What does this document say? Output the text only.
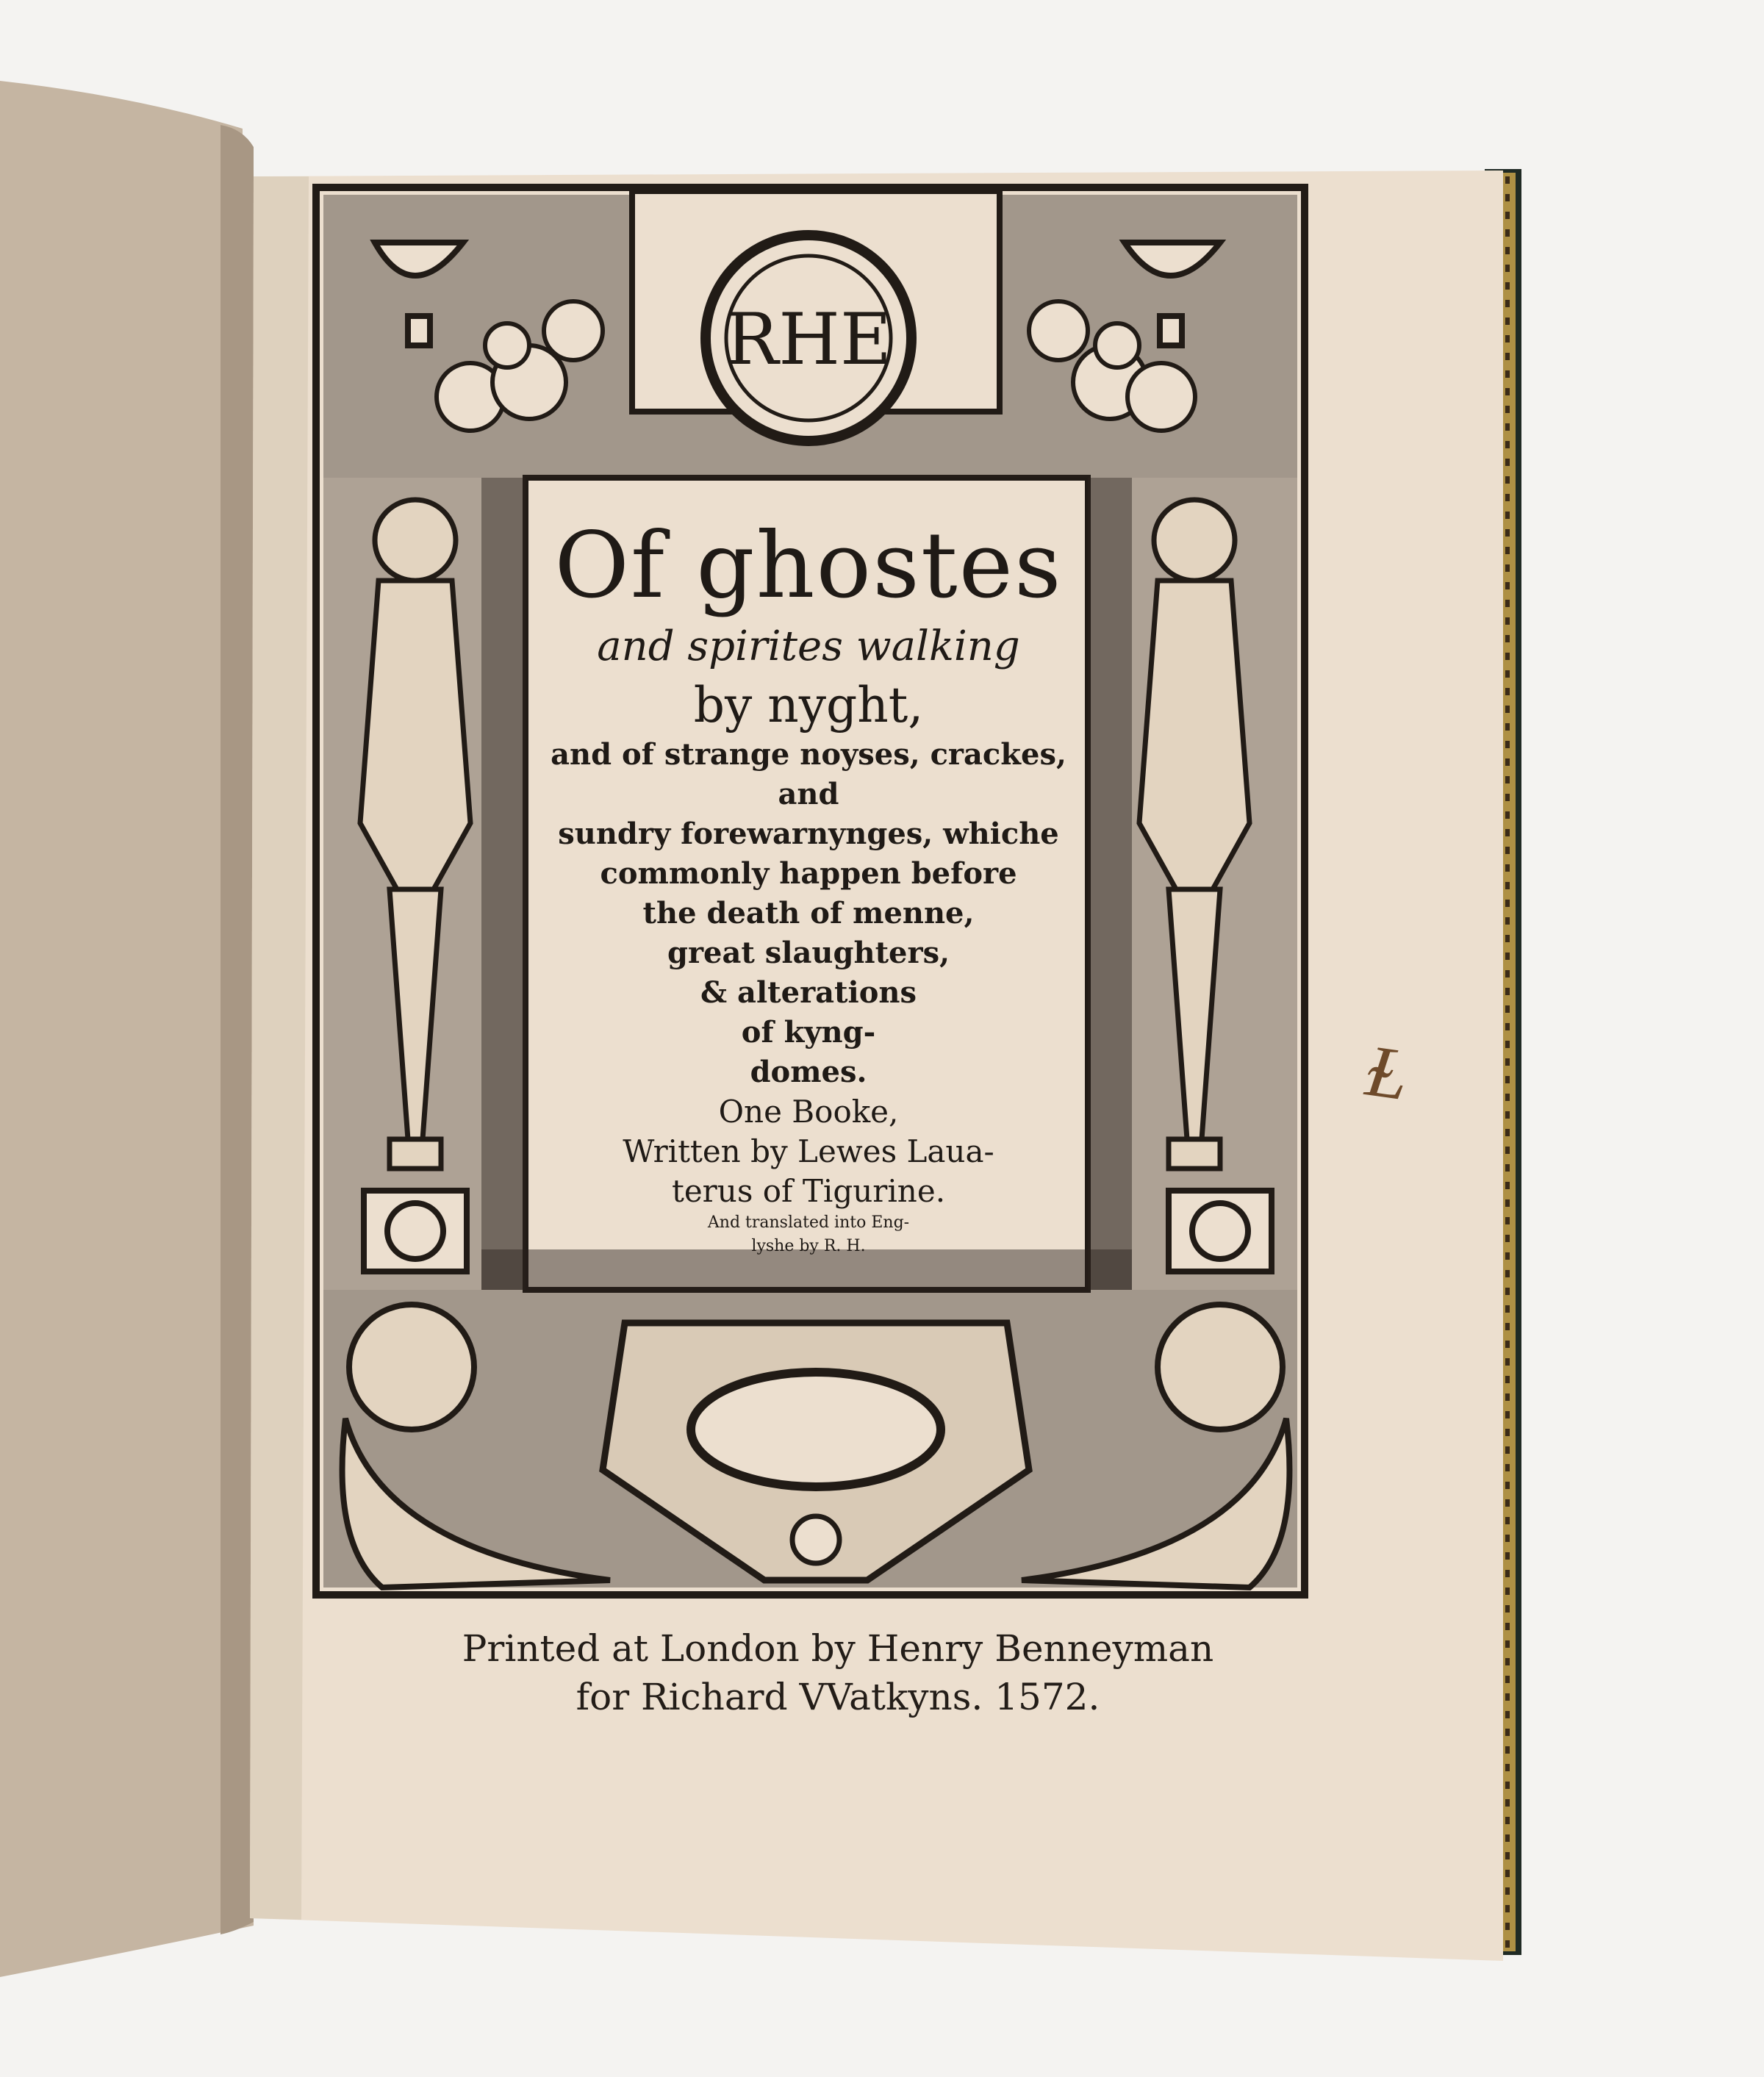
RHE
Of ghostes
and spirites walking
by nyght,
and of strange noyses, crackes, and
sundry forewarnynges, whiche
commonly happen before
the death of menne,
great slaughters,
& alterations
of kyng-
domes.
One Booke,
Written by Lewes Laua-
terus of Tigurine.
And translated into Eng-
lyshe by R. H.
Printed at London by Henry Benneyman
for Richard VVatkyns. 1572.
Ɫ
